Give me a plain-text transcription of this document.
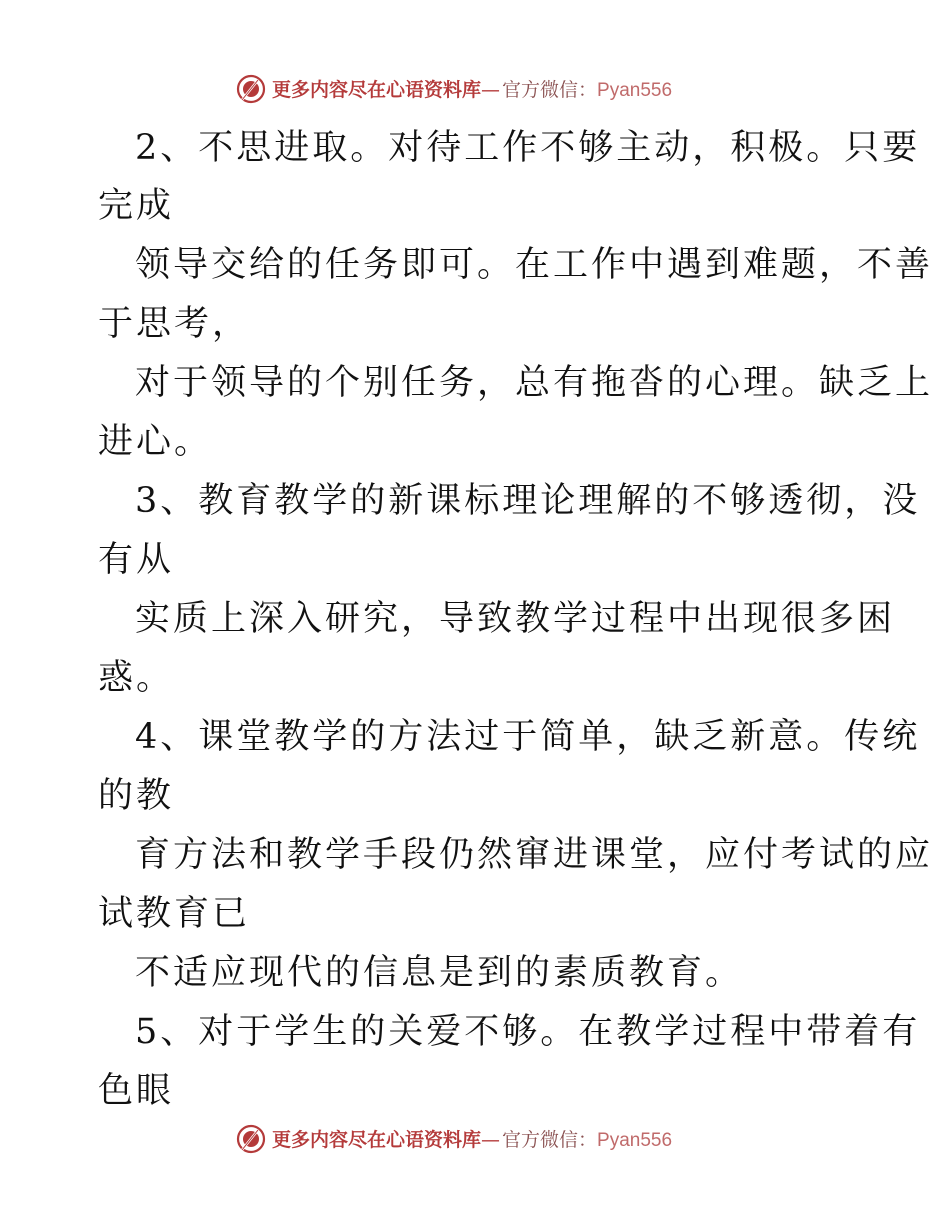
更多内容尽在心语资料库— 官方微信：Pyan556
2、不思进取。对待工作不够主动，积极。只要
完成
领导交给的任务即可。在工作中遇到难题，不善
于思考，
对于领导的个别任务，总有拖沓的心理。缺乏上
进心。
3、教育教学的新课标理论理解的不够透彻，没
有从
实质上深入研究，导致教学过程中出现很多困
惑。
4、课堂教学的方法过于简单，缺乏新意。传统
的教
育方法和教学手段仍然窜进课堂，应付考试的应
试教育已
不适应现代的信息是到的素质教育。
5、对于学生的关爱不够。在教学过程中带着有
色眼
更多内容尽在心语资料库— 官方微信：Pyan556
